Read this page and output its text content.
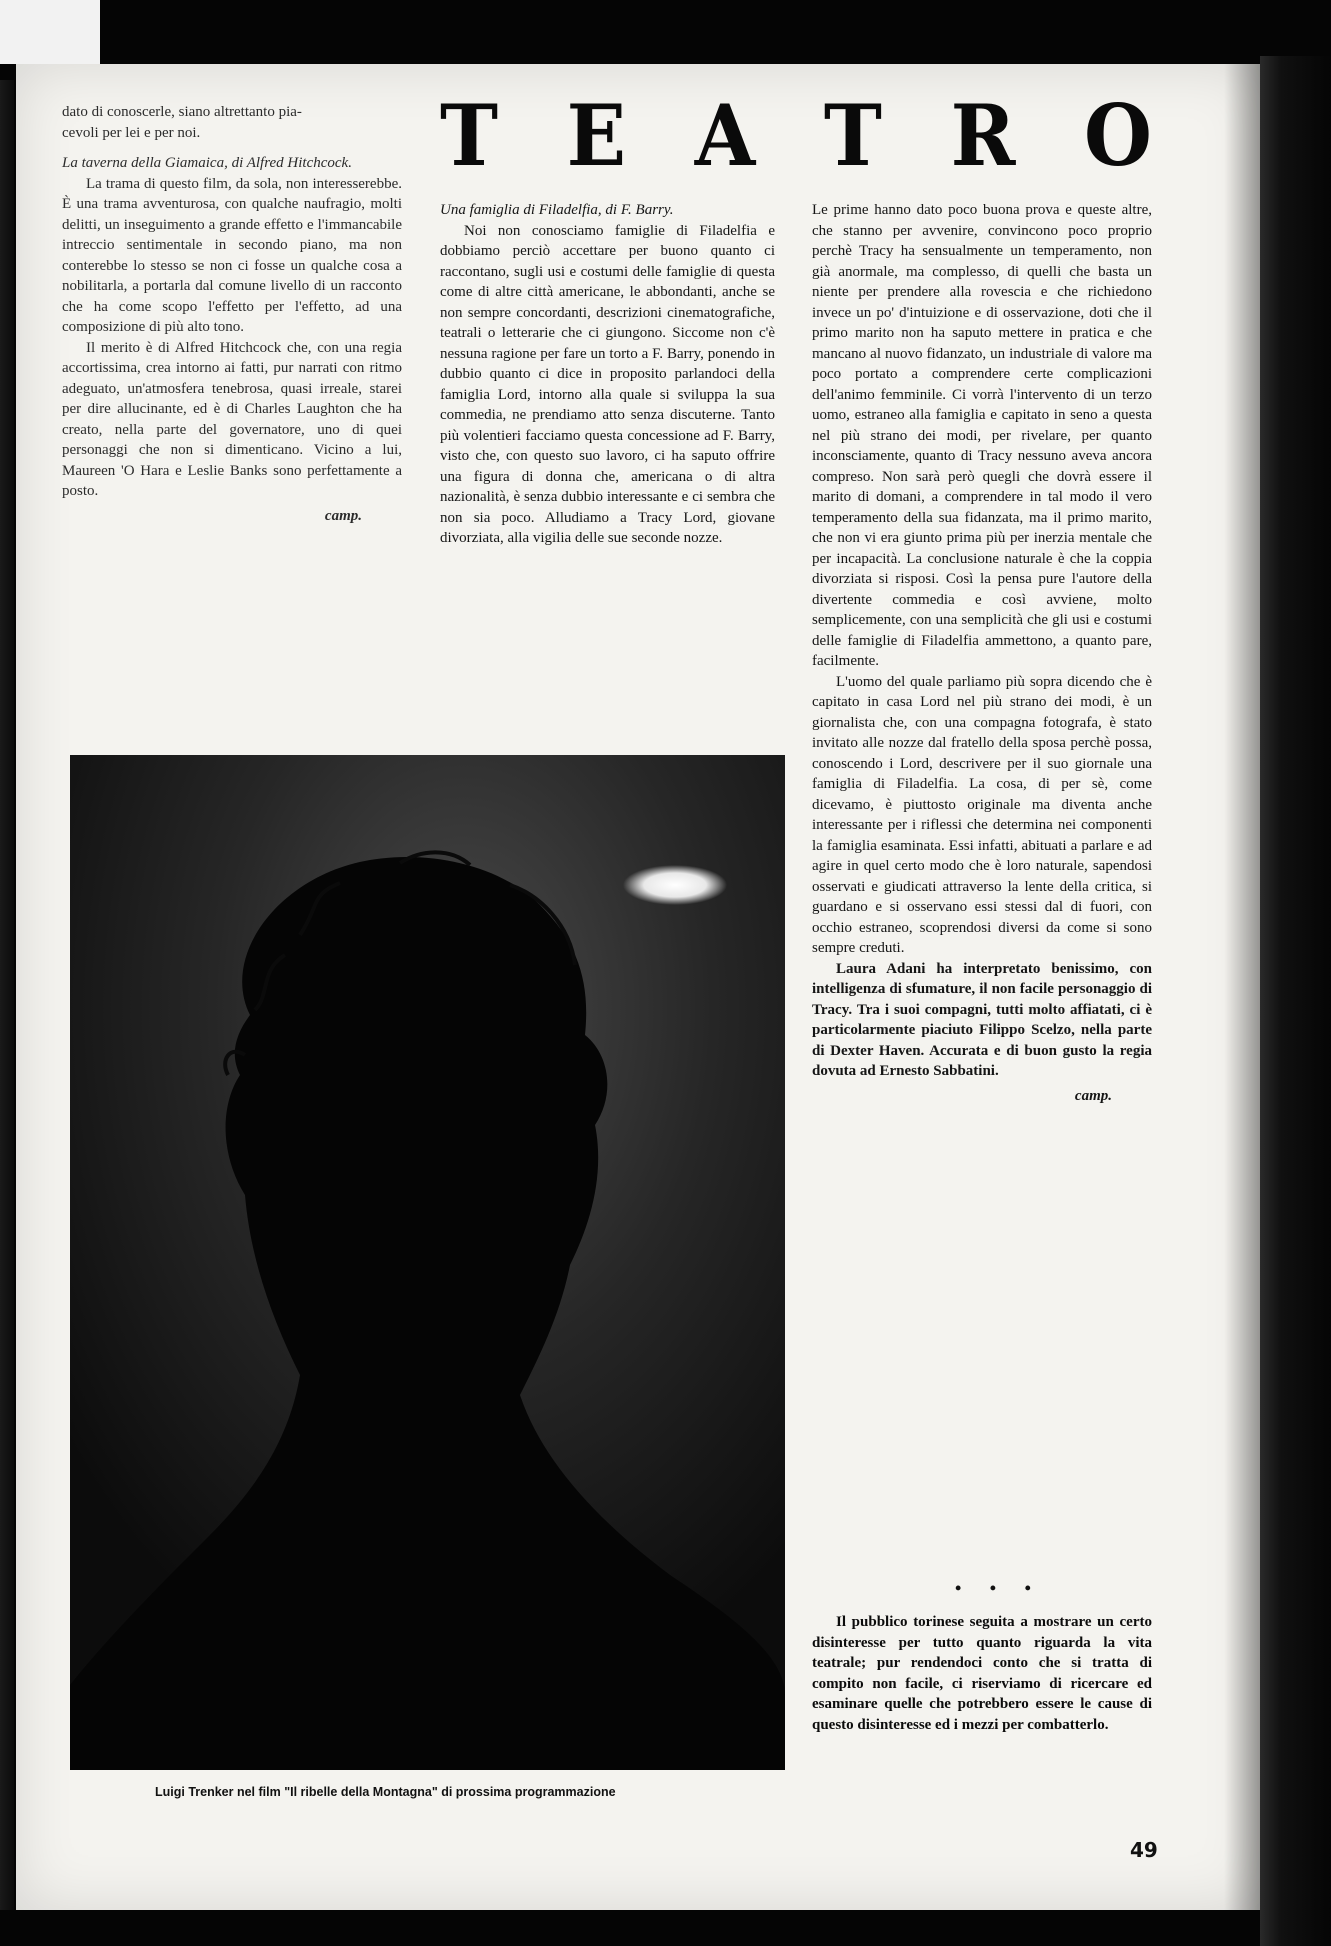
T E A T R O

dato di conoscerle, siano altrettanto pia-

cevoli per lei e per noi.

La taverna della Giamaica, di Alfred Hitchcock.

La trama di questo film, da sola, non interesserebbe. È una trama avventurosa, con qualche naufragio, molti delitti, un inseguimento a grande effetto e l'immancabile intreccio sentimentale in secondo piano, ma non conterebbe lo stesso se non ci fosse un qualche cosa a nobilitarla, a portarla dal comune livello di un racconto che ha come scopo l'effetto per l'effetto, ad una composizione di più alto tono.

Il merito è di Alfred Hitchcock che, con una regia accortissima, crea intorno ai fatti, pur narrati con ritmo adeguato, un'atmosfera tenebrosa, quasi irreale, starei per dire allucinante, ed è di Charles Laughton che ha creato, nella parte del governatore, uno di quei personaggi che non si dimenticano. Vicino a lui, Maureen 'O Hara e Leslie Banks sono perfettamente a posto.

camp.

Una famiglia di Filadelfia, di F. Barry.

Noi non conosciamo famiglie di Filadelfia e dobbiamo perciò accettare per buono quanto ci raccontano, sugli usi e costumi delle famiglie di questa come di altre città americane, le abbondanti, anche se non sempre concordanti, descrizioni cinematografiche, teatrali o letterarie che ci giungono. Siccome non c'è nessuna ragione per fare un torto a F. Barry, ponendo in dubbio quanto ci dice in proposito parlandoci della famiglia Lord, intorno alla quale si sviluppa la sua commedia, ne prendiamo atto senza discuterne. Tanto più volentieri facciamo questa concessione ad F. Barry, visto che, con questo suo lavoro, ci ha saputo offrire una figura di donna che, americana o di altra nazionalità, è senza dubbio interessante e ci sembra che non sia poco. Alludiamo a Tracy Lord, giovane divorziata, alla vigilia delle sue seconde nozze.

Le prime hanno dato poco buona prova e queste altre, che stanno per avvenire, convincono poco proprio perchè Tracy ha sensualmente un temperamento, non già anormale, ma complesso, di quelli che basta un niente per prendere alla rovescia e che richiedono invece un po' d'intuizione e di osservazione, doti che il primo marito non ha saputo mettere in pratica e che mancano al nuovo fidanzato, un industriale di valore ma poco portato a comprendere certe complicazioni dell'animo femminile. Ci vorrà l'intervento di un terzo uomo, estraneo alla famiglia e capitato in seno a questa nel più strano dei modi, per rivelare, per quanto inconsciamente, quanto di Tracy nessuno aveva ancora compreso. Non sarà però quegli che dovrà essere il marito di domani, a comprendere in tal modo il vero temperamento della sua fidanzata, ma il primo marito, che non vi era giunto prima più per inerzia mentale che per incapacità. La conclusione naturale è che la coppia divorziata si risposi. Così la pensa pure l'autore della divertente commedia e così avviene, molto semplicemente, con una semplicità che gli usi e costumi delle famiglie di Filadelfia ammettono, a quanto pare, facilmente.

L'uomo del quale parliamo più sopra dicendo che è capitato in casa Lord nel più strano dei modi, è un giornalista che, con una compagna fotografa, è stato invitato alle nozze dal fratello della sposa perchè possa, conoscendo i Lord, descrivere per il suo giornale una famiglia di Filadelfia. La cosa, di per sè, come dicevamo, è piuttosto originale ma diventa anche interessante per i riflessi che determina nei componenti la famiglia esaminata. Essi infatti, abituati a parlare e ad agire in quel certo modo che è loro naturale, sapendosi osservati e giudicati attraverso la lente della critica, si guardano e si osservano essi stessi dal di fuori, con occhio estraneo, scoprendosi diversi da come si sono sempre creduti.

Laura Adani ha interpretato benissimo, con intelligenza di sfumature, il non facile personaggio di Tracy. Tra i suoi compagni, tutti molto affiatati, ci è particolarmente piaciuto Filippo Scelzo, nella parte di Dexter Haven. Accurata e di buon gusto la regia dovuta ad Ernesto Sabbatini.

camp.

• • •
Il pubblico torinese seguita a mostrare un certo disinteresse per tutto quanto riguarda la vita teatrale; pur rendendoci conto che si tratta di compito non facile, ci riserviamo di ricercare ed esaminare quelle che potrebbero essere le cause di questo disinteresse ed i mezzi per combatterlo.
Luigi Trenker nel film "Il ribelle della Montagna" di prossima programmazione
49
